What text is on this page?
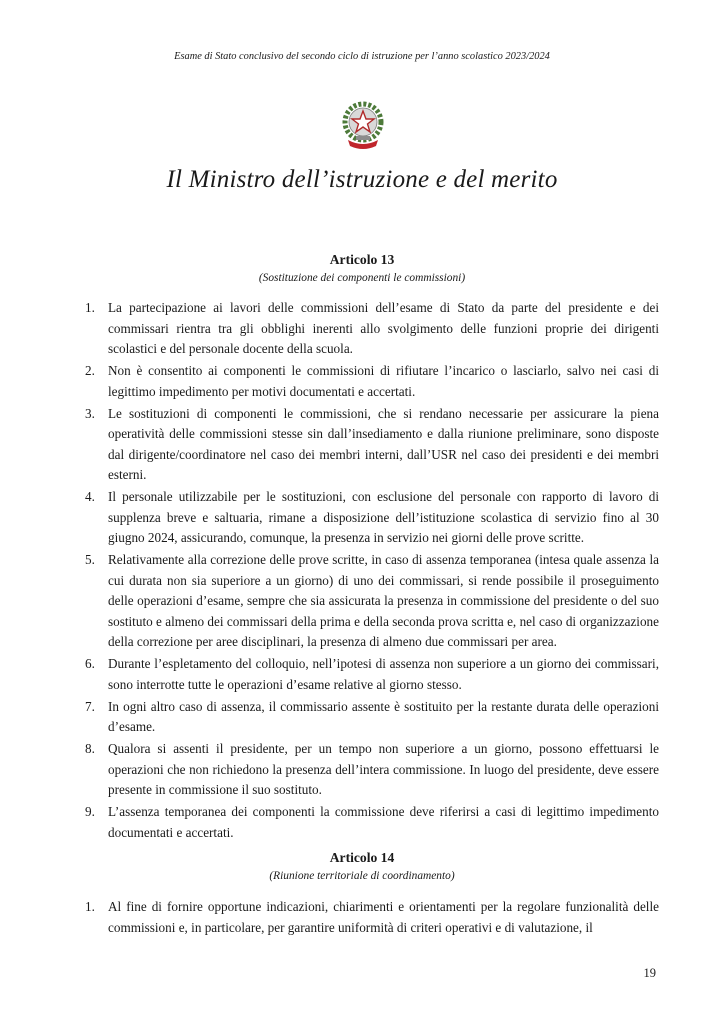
Esame di Stato conclusivo del secondo ciclo di istruzione per l’anno scolastico 2023/2024
Il Ministro dell’istruzione e del merito
Articolo 13
(Sostituzione dei componenti le commissioni)
1. La partecipazione ai lavori delle commissioni dell’esame di Stato da parte del presidente e dei commissari rientra tra gli obblighi inerenti allo svolgimento delle funzioni proprie dei dirigenti scolastici e del personale docente della scuola.
2. Non è consentito ai componenti le commissioni di rifiutare l’incarico o lasciarlo, salvo nei casi di legittimo impedimento per motivi documentati e accertati.
3. Le sostituzioni di componenti le commissioni, che si rendano necessarie per assicurare la piena operatività delle commissioni stesse sin dall’insediamento e dalla riunione preliminare, sono disposte dal dirigente/coordinatore nel caso dei membri interni, dall’USR nel caso dei presidenti e dei membri esterni.
4. Il personale utilizzabile per le sostituzioni, con esclusione del personale con rapporto di lavoro di supplenza breve e saltuaria, rimane a disposizione dell’istituzione scolastica di servizio fino al 30 giugno 2024, assicurando, comunque, la presenza in servizio nei giorni delle prove scritte.
5. Relativamente alla correzione delle prove scritte, in caso di assenza temporanea (intesa quale assenza la cui durata non sia superiore a un giorno) di uno dei commissari, si rende possibile il proseguimento delle operazioni d’esame, sempre che sia assicurata la presenza in commissione del presidente o del suo sostituto e almeno dei commissari della prima e della seconda prova scritta e, nel caso di organizzazione della correzione per aree disciplinari, la presenza di almeno due commissari per area.
6. Durante l’espletamento del colloquio, nell’ipotesi di assenza non superiore a un giorno dei commissari, sono interrotte tutte le operazioni d’esame relative al giorno stesso.
7. In ogni altro caso di assenza, il commissario assente è sostituito per la restante durata delle operazioni d’esame.
8. Qualora si assenti il presidente, per un tempo non superiore a un giorno, possono effettuarsi le operazioni che non richiedono la presenza dell’intera commissione. In luogo del presidente, deve essere presente in commissione il suo sostituto.
9. L’assenza temporanea dei componenti la commissione deve riferirsi a casi di legittimo impedimento documentati e accertati.
Articolo 14
(Riunione territoriale di coordinamento)
1. Al fine di fornire opportune indicazioni, chiarimenti e orientamenti per la regolare funzionalità delle commissioni e, in particolare, per garantire uniformità di criteri operativi e di valutazione, il
19
